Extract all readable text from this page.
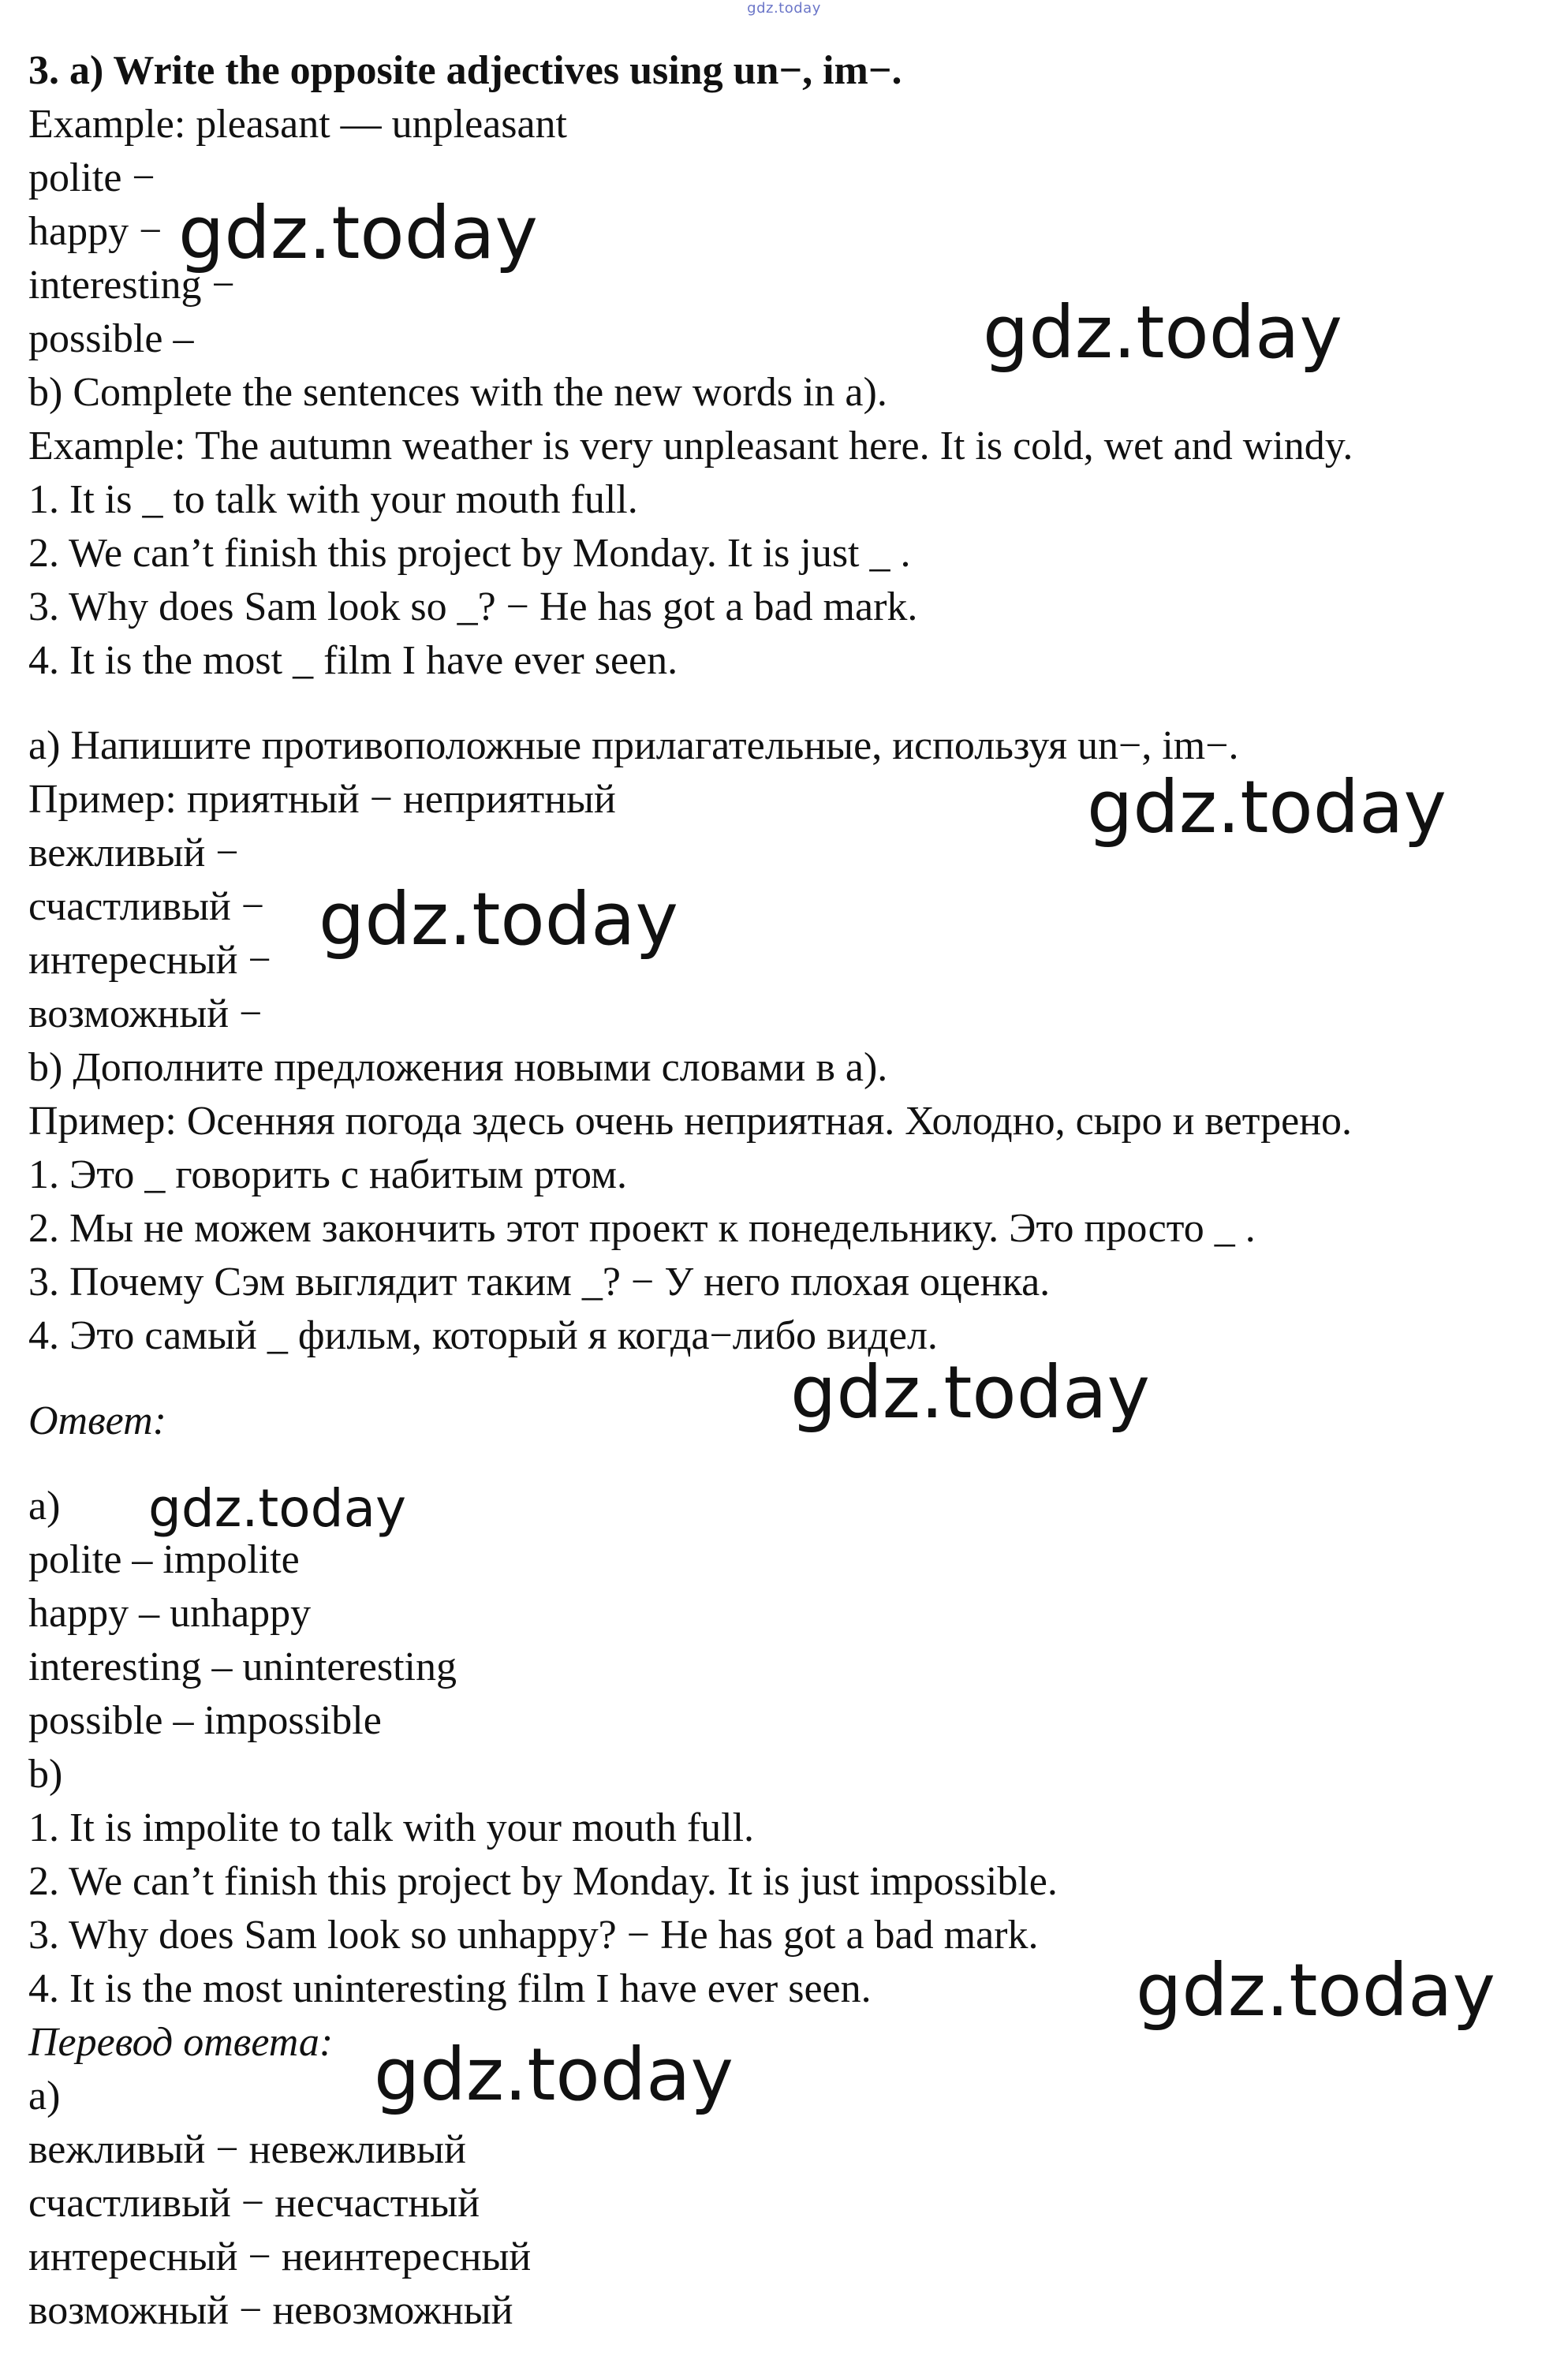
gdz.today
3. a) Write the opposite adjectives using un−, im−.
Example: pleasant — unpleasant
polite −
happy −
interesting −
possible –
b) Complete the sentences with the new words in a).
Example: The autumn weather is very unpleasant here. It is cold, wet and windy.
1. It is _ to talk with your mouth full.
2. We can’t finish this project by Monday. It is just _ .
3. Why does Sam look so _? − He has got a bad mark.
4. It is the most _ film I have ever seen.
a) Напишите противоположные прилагательные, используя un−, im−.
Пример: приятный − неприятный
вежливый −
счастливый −
интересный −
возможный −
b) Дополните предложения новыми словами в а).
Пример: Осенняя погода здесь очень неприятная. Холодно, сыро и ветрено.
1. Это _ говорить с набитым ртом.
2. Мы не можем закончить этот проект к понедельнику. Это просто _ .
3. Почему Сэм выглядит таким _? − У него плохая оценка.
4. Это самый _ фильм, который я когда−либо видел.
Ответ:
a)
polite – impolite
happy – unhappy
interesting – uninteresting
possible – impossible
b)
1. It is impolite to talk with your mouth full.
2. We can’t finish this project by Monday. It is just impossible.
3. Why does Sam look so unhappy? − He has got a bad mark.
4. It is the most uninteresting film I have ever seen.
Перевод ответа:
а)
вежливый − невежливый
счастливый − несчастный
интересный − неинтересный
возможный − невозможный
gdz.today
gdz.today
gdz.today
gdz.today
gdz.today
gdz.today
gdz.today
gdz.today
